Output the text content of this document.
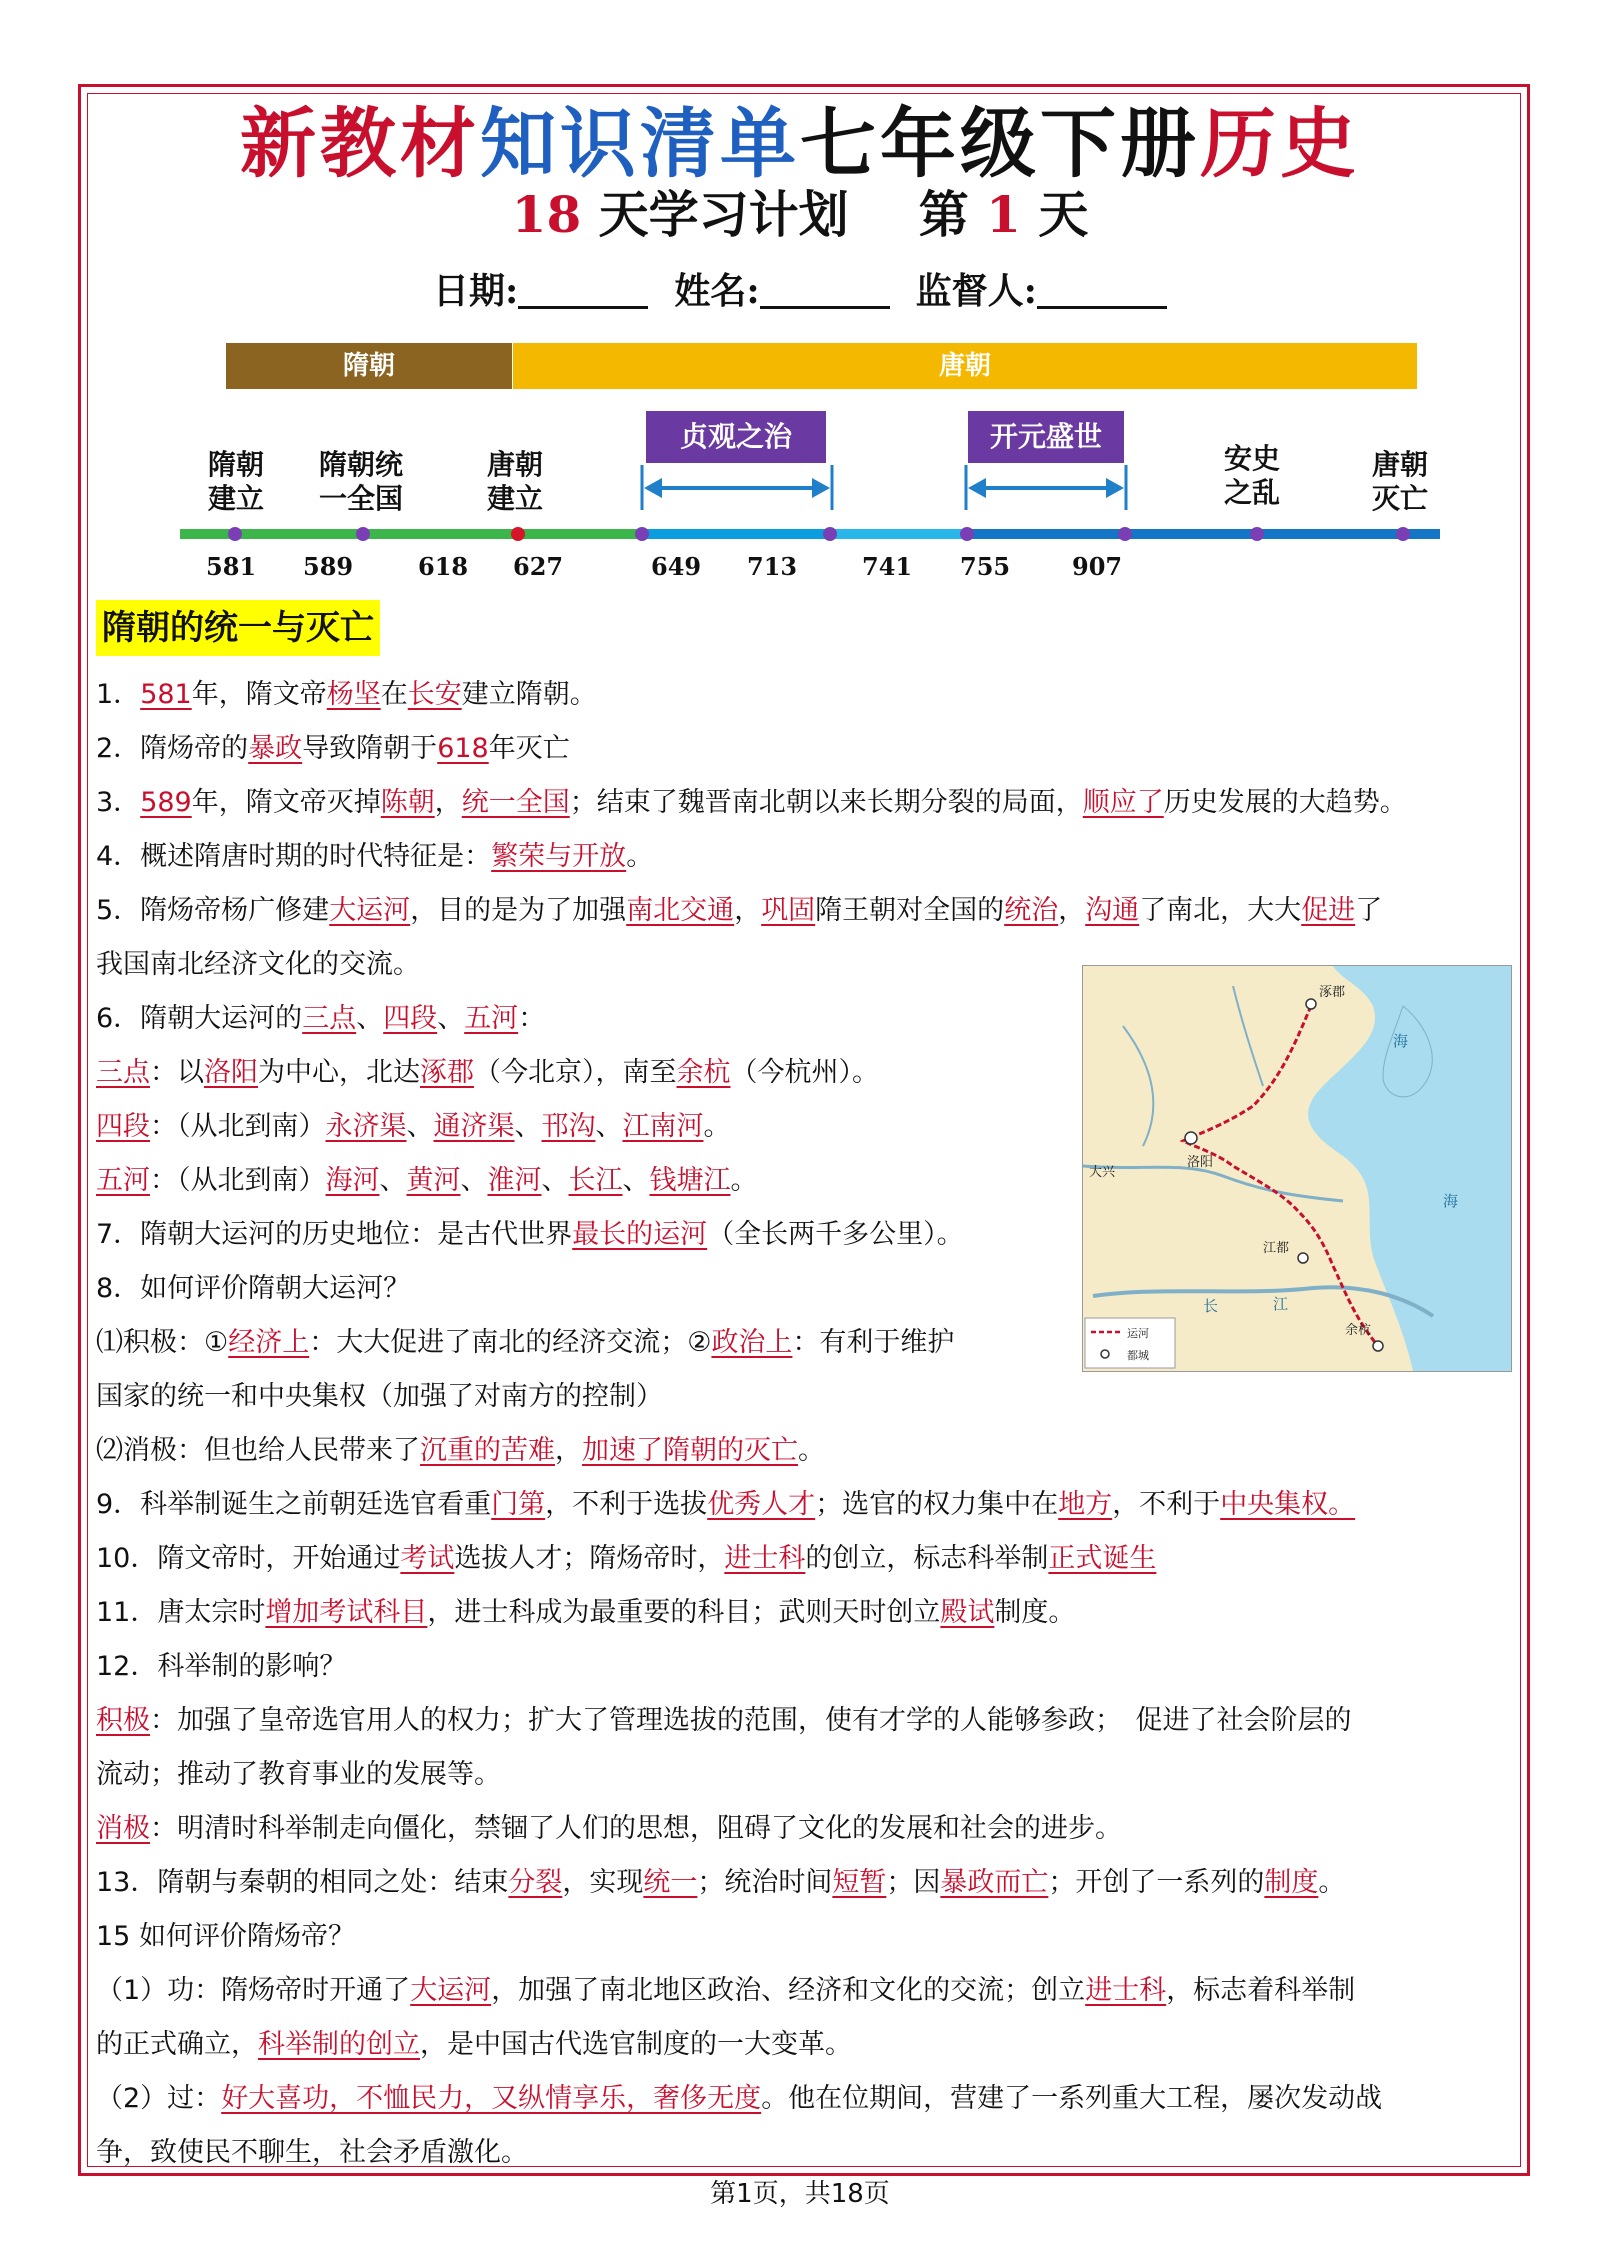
新教材知识清单七年级下册历史
18 天学习计划 第 1 天
日期:	姓名:	监督人:
隋朝	唐朝
隋朝
建立
隋朝统
一全国
唐朝
建立
安史
之乱
唐朝
灭亡
贞观之治	开元盛世
581 589	618 627	649 713	741 755	907
隋朝的统一与灭亡
1．581年，隋文帝杨坚在长安建立隋朝。
2．隋炀帝的暴政导致隋朝于618年灭亡
3．589年，隋文帝灭掉陈朝，统一全国；结束了魏晋南北朝以来长期分裂的局面，顺应了历史发展的大趋势。
4．概述隋唐时期的时代特征是：繁荣与开放。
5．隋炀帝杨广修建大运河，目的是为了加强南北交通，巩固隋王朝对全国的统治，沟通了南北，大大促进了
我国南北经济文化的交流。
6．隋朝大运河的三点、四段、五河：
三点：以洛阳为中心，北达涿郡（今北京），南至余杭（今杭州）。
四段：（从北到南）永济渠、通济渠、邗沟、江南河。
五河：（从北到南）海河、黄河、淮河、长江、钱塘江。
7．隋朝大运河的历史地位：是古代世界最长的运河（全长两千多公里）。
8．如何评价隋朝大运河？
⑴积极：①经济上：大大促进了南北的经济交流；②政治上：有利于维护
国家的统一和中央集权（加强了对南方的控制）
⑵消极：但也给人民带来了沉重的苦难，加速了隋朝的灭亡。
9．科举制诞生之前朝廷选官看重门第，不利于选拔优秀人才；选官的权力集中在地方，不利于中央集权。
10．隋文帝时，开始通过考试选拔人才；隋炀帝时，进士科的创立，标志科举制正式诞生
11．唐太宗时增加考试科目，进士科成为最重要的科目；武则天时创立殿试制度。
12．科举制的影响？
积极：加强了皇帝选官用人的权力；扩大了管理选拔的范围，使有才学的人能够参政；　促进了社会阶层的
流动；推动了教育事业的发展等。
消极：明清时科举制走向僵化，禁锢了人们的思想，阻碍了文化的发展和社会的进步。
13．隋朝与秦朝的相同之处：结束分裂，实现统一；统治时间短暂；因暴政而亡；开创了一系列的制度。
15 如何评价隋炀帝？
（1）功：隋炀帝时开通了大运河，加强了南北地区政治、经济和文化的交流；创立进士科，标志着科举制
的正式确立，科举制的创立，是中国古代选官制度的一大变革。
（2）过：好大喜功，不恤民力，又纵情享乐，奢侈无度。他在位期间，营建了一系列重大工程，屡次发动战
争，致使民不聊生，社会矛盾激化。
涿郡
大兴
洛阳
江都
余杭
海
海
长	江
运河
都城
第1页，共18页
